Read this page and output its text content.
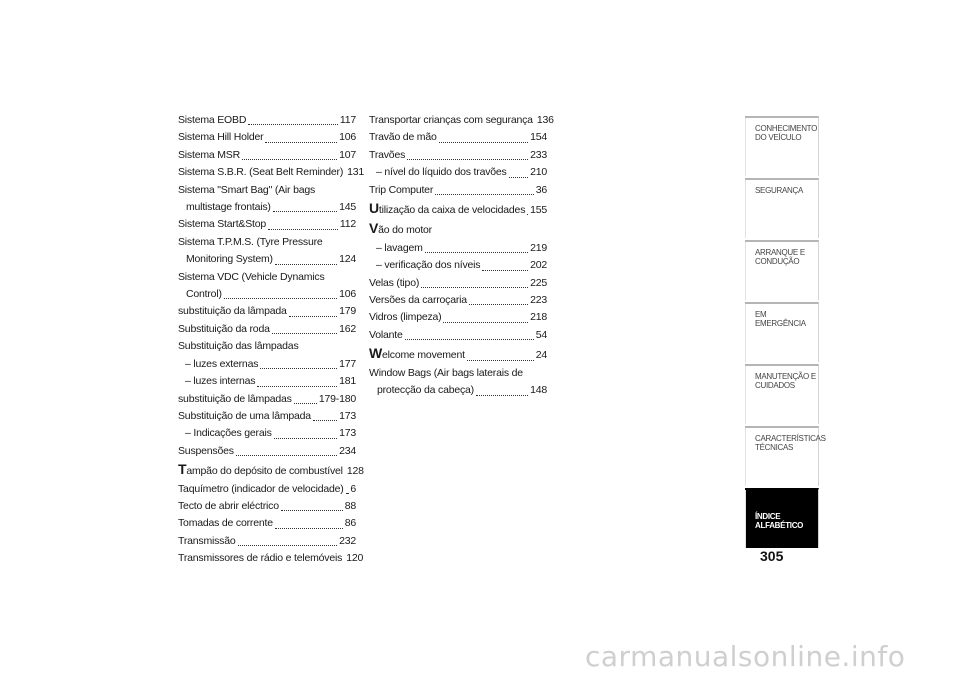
Sistema EOBD	117
Sistema Hill Holder	106
Sistema MSR	107
Sistema S.B.R. (Seat Belt Reminder) 131
Sistema "Smart Bag" (Air bags
multistage frontais)	145
Sistema Start&Stop	112
Sistema T.P.M.S. (Tyre Pressure
Monitoring System)	124
Sistema VDC (Vehicle Dynamics
Control)	106
substituição da lâmpada	179
Substituição da roda	162
Substituição das lâmpadas
– luzes externas	177
– luzes internas	181
substituição de lâmpadas	179-180
Substituição de uma lâmpada	173
– Indicações gerais	173
Suspensões	234
Tampão do depósito de combustível 128
Taquímetro (indicador de velocidade) 6
Tecto de abrir eléctrico	88
Tomadas de corrente	86
Transmissão	232
Transmissores de rádio e telemóveis 120
Transportar crianças com segurança 136
Travão de mão	154
Travões	233
– nível do líquido dos travões 210
Trip Computer	36
Utilização da caixa de velocidades 155
Vão do motor
– lavagem	219
– verificação dos níveis	202
Velas (tipo)	225
Versões da carroçaria	223
Vidros (limpeza)	218
Volante	54
Welcome movement	24
Window Bags (Air bags laterais de
protecção da cabeça)	148
CONHECIMENTO
DO VEÍCULO
SEGURANÇA
ARRANQUE E
CONDUÇÃO
EM EMERGÊNCIA
MANUTENÇÃO E
CUIDADOS
CARACTERÍSTICAS
TÉCNICAS
ÍNDICE
ALFABÉTICO
305
carmanualsonline.info
